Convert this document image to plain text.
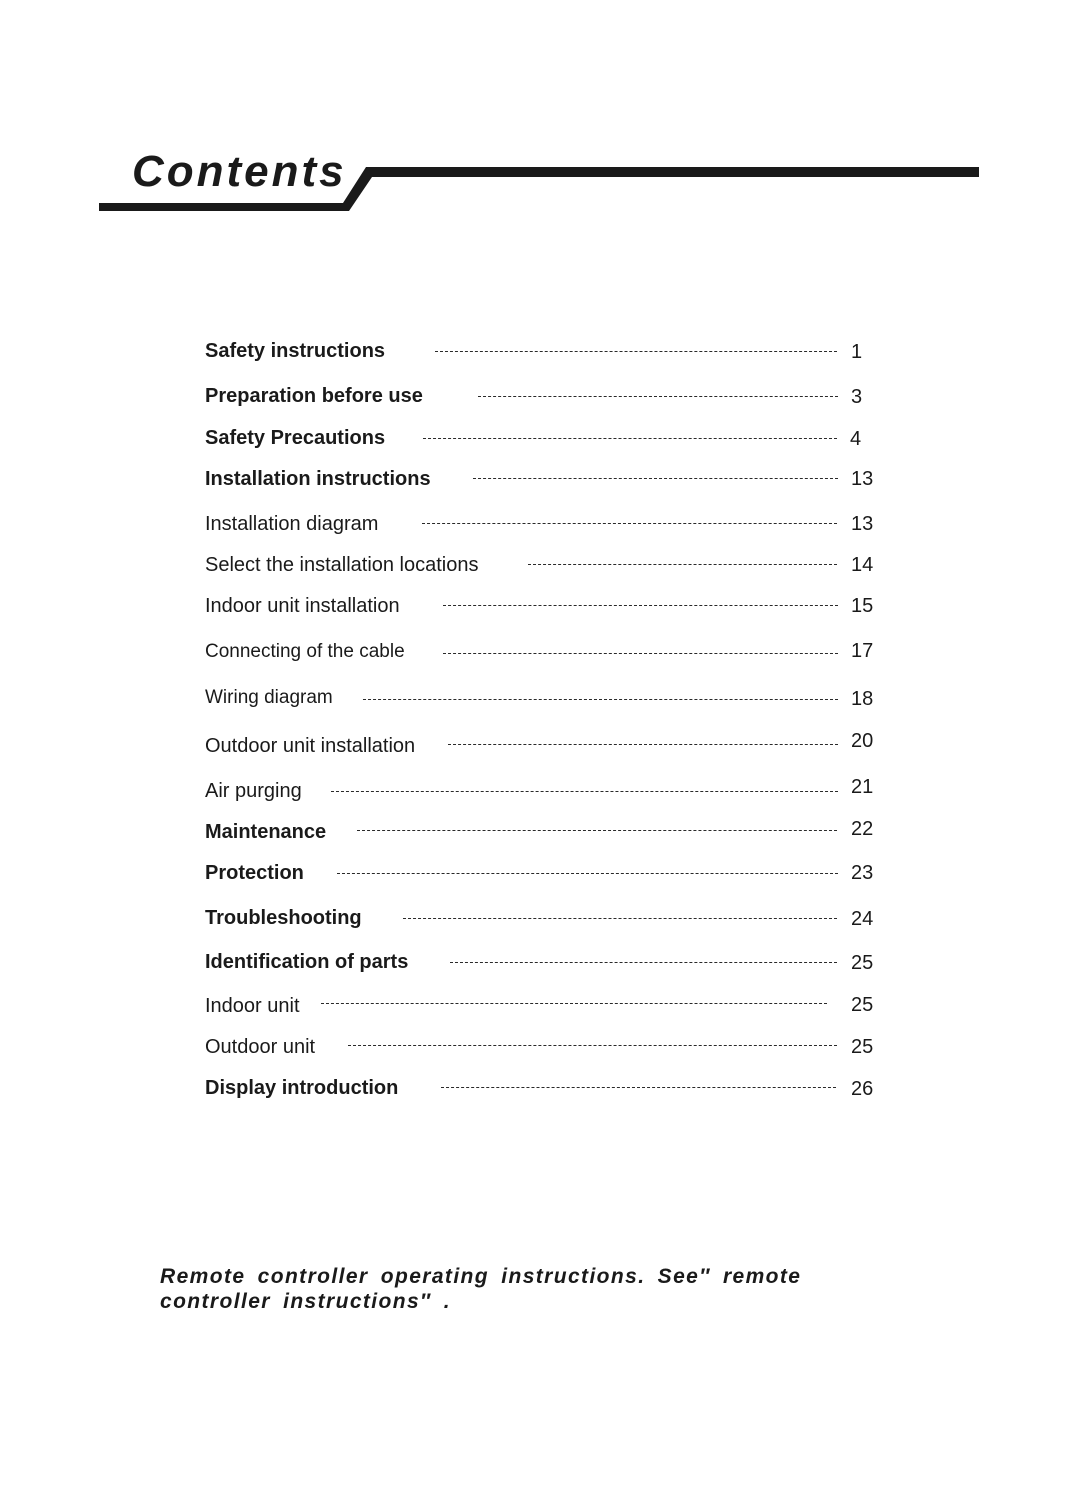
Contents
Safety instructions	1
Preparation before use	3
Safety Precautions	4
Installation instructions	13
Installation diagram	13
Select the installation locations	14
Indoor unit installation	15
Connecting of the cable	17
Wiring diagram	18
Outdoor unit installation	20
Air purging	21
Maintenance	22
Protection	23
Troubleshooting	24
Identification of parts	25
Indoor unit	25
Outdoor unit	25
Display introduction	26
Remote controller operating instructions. See″ remote controller instructions″ .
